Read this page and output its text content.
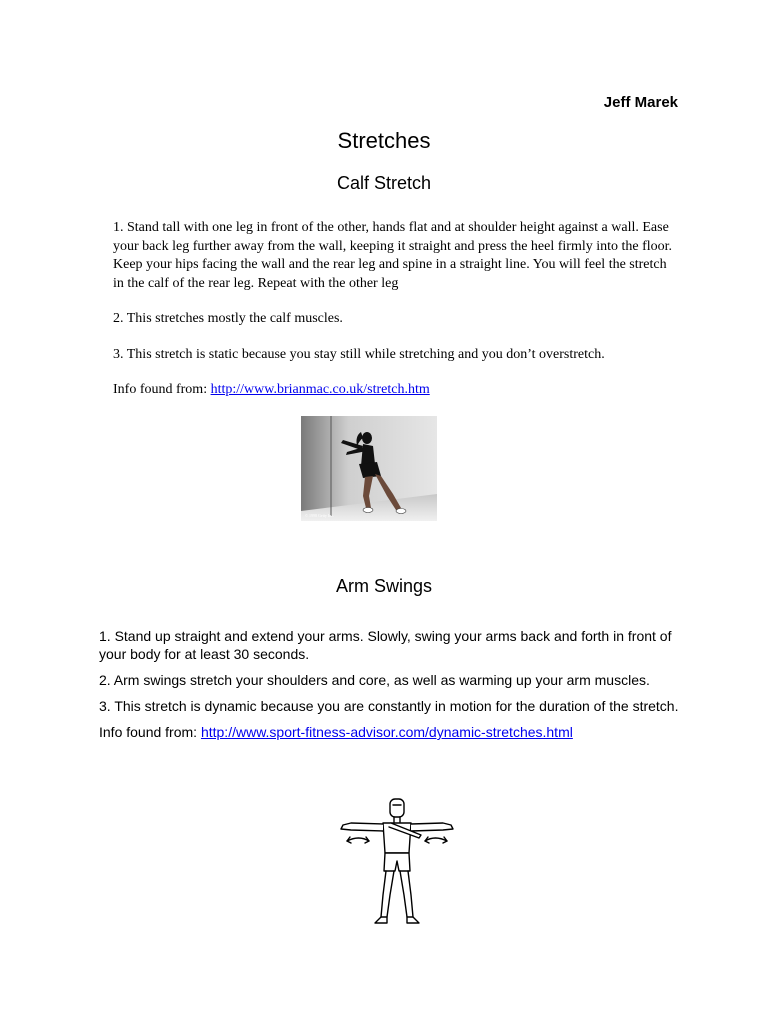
Jeff Marek
Stretches
Calf Stretch

1. Stand tall with one leg in front of the other, hands flat and at shoulder height against a wall. Ease your back leg further away from the wall, keeping it straight and press the heel firmly into the floor. Keep your hips facing the wall and the rear leg and spine in a straight line. You will feel the stretch in the calf of the rear leg. Repeat with the other leg

2. This stretches mostly the calf muscles.

3. This stretch is static because you stay still while stretching and you don’t overstretch.

Info found from: http://www.brianmac.co.uk/stretch.htm

© 1998 Getty Inc.
Arm Swings

1. Stand up straight and extend your arms. Slowly, swing your arms back and forth in front of your body for at least 30 seconds.

2. Arm swings stretch your shoulders and core, as well as warming up your arm muscles.

3. This stretch is dynamic because you are constantly in motion for the duration of the stretch.

Info found from: http://www.sport-fitness-advisor.com/dynamic-stretches.html
